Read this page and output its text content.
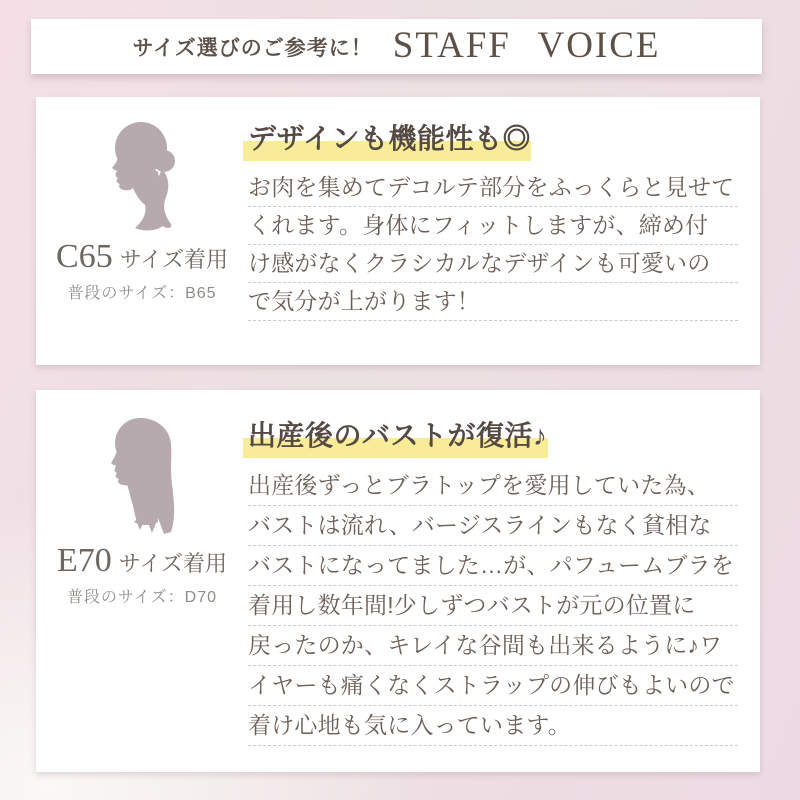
サイズ選びのご参考に！ STAFF VOICE
C65 サイズ着用
普段のサイズ：B65
デザインも機能性も◎
お肉を集めてデコルテ部分をふっくらと見せて
くれます。身体にフィットしますが、締め付
け感がなくクラシカルなデザインも可愛いの
で気分が上がります！
E70 サイズ着用
普段のサイズ：D70
出産後のバストが復活♪
出産後ずっとブラトップを愛用していた為、
バストは流れ、バージスラインもなく貧相な
バストになってました…が、パフュームブラを
着用し数年間!少しずつバストが元の位置に
戻ったのか、キレイな谷間も出来るように♪ワ
イヤーも痛くなくストラップの伸びもよいので
着け心地も気に入っています。
